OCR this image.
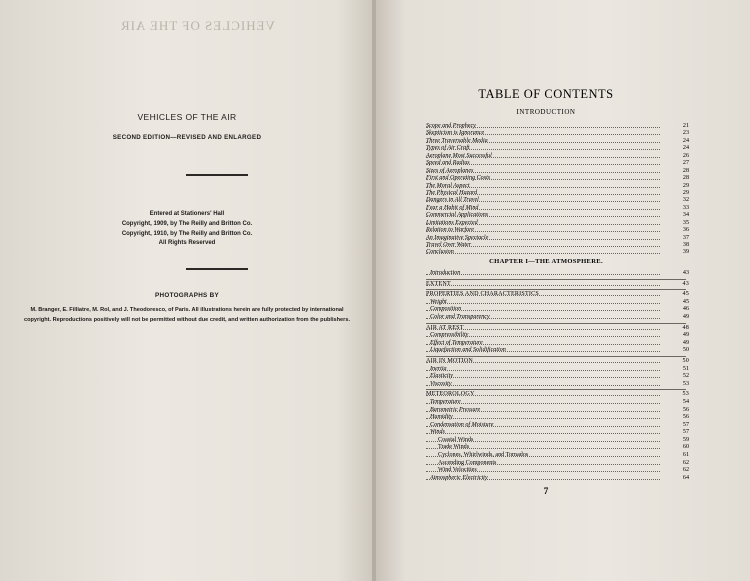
VEHICLES OF THE AIR
VEHICLES OF THE AIR
SECOND EDITION—REVISED AND ENLARGED
Entered at Stationers' Hall
Copyright, 1909, by The Reilly and Britton Co.
Copyright, 1910, by The Reilly and Britton Co.
All Rights Reserved
PHOTOGRAPHS BY
M. Branger, E. Filliatre, M. Rol, and J. Theodoresco, of Paris. All illustrations herein are fully protected by international copyright. Reproductions positively will not be permitted without due credit, and written authorization from the publishers.
TABLE OF CONTENTS
INTRODUCTION
Scope and Prophecy	21
Skepticism is Ignorance	23
Three Traversable Media	24
Types of Air Craft	24
Aeroplane Most Successful	26
Speed and Radius	27
Sizes of Aeroplanes	28
First and Operating Costs	28
The Moral Aspect	29
The Physical Hazard	29
Dangers in All Travel	32
Fear a Habit of Mind	33
Commercial Applications	34
Limitations Expected	35
Relation to Warfare	36
An Imaginative Spectacle	37
Travel Over Water	38
Conclusion	39
CHAPTER I—THE ATMOSPHERE.
Introduction	43
EXTENT	43
PROPERTIES AND CHARACTERISTICS	45
Weight	45
Composition	46
Color and Transparency	49
AIR AT REST	48
Compressibility	49
Effect of Temperature	49
Liquefaction and Solidification	50
AIR IN MOTION	50
Inertia	51
Elasticity	52
Viscosity	53
METEOROLOGY	53
Temperature	54
Barometric Pressure	56
Humidity	56
Condensation of Moisture	57
Winds	57
Coastal Winds	59
Trade Winds	60
Cyclones, Whirlwinds, and Tornados	61
Ascending Components	62
Wind Velocities	62
Atmospheric Electricity	64
7
